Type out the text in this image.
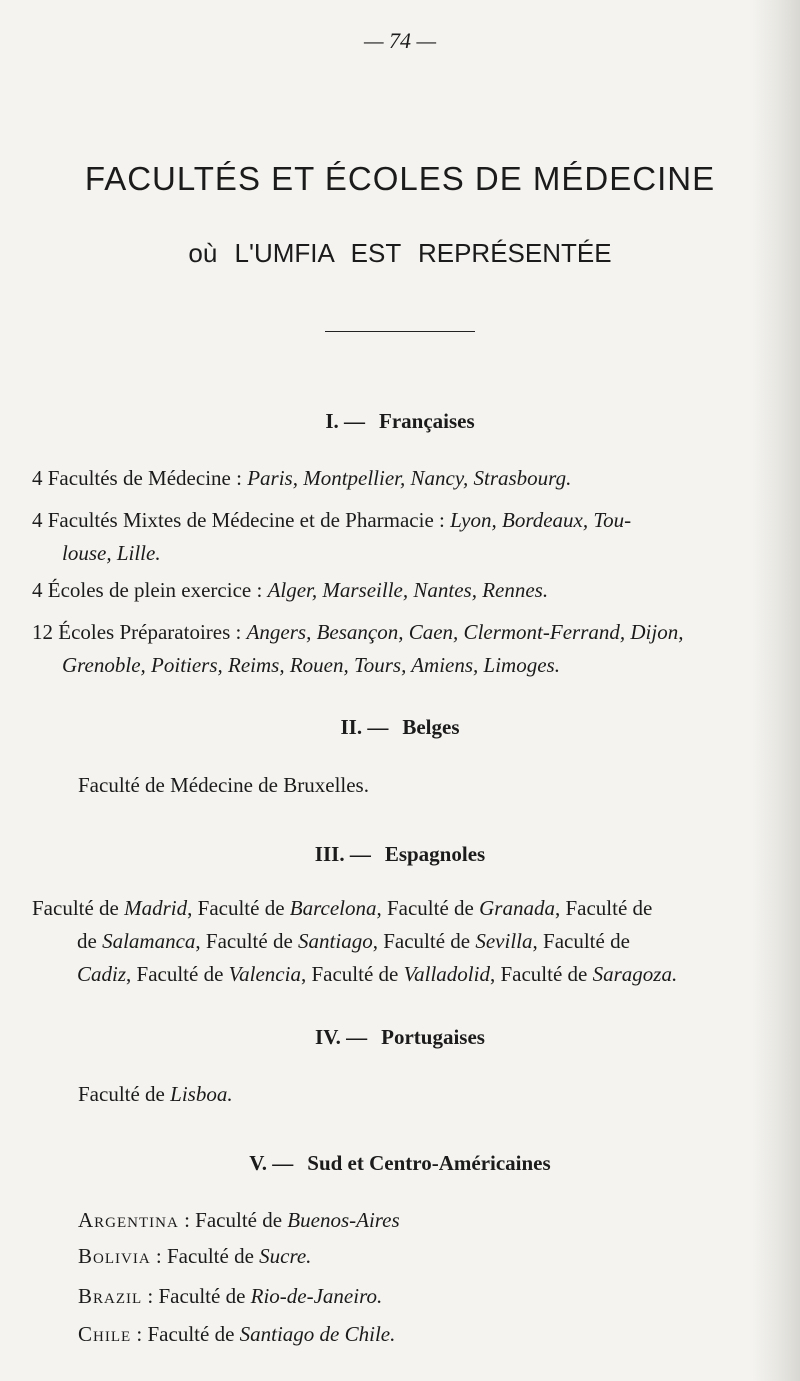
— 74 —
FACULTÉS ET ÉCOLES DE MÉDECINE
où L'UMFIA EST REPRÉSENTÉE
I. — Françaises
4 Facultés de Médecine : Paris, Montpellier, Nancy, Strasbourg.
4 Facultés Mixtes de Médecine et de Pharmacie : Lyon, Bordeaux, Tou-
louse, Lille.
4 Écoles de plein exercice : Alger, Marseille, Nantes, Rennes.
12 Écoles Préparatoires : Angers, Besançon, Caen, Clermont-Ferrand, Dijon,
Grenoble, Poitiers, Reims, Rouen, Tours, Amiens, Limoges.
II. — Belges
Faculté de Médecine de Bruxelles.
III. — Espagnoles
Faculté de Madrid, Faculté de Barcelona, Faculté de Granada, Faculté de
de Salamanca, Faculté de Santiago, Faculté de Sevilla, Faculté de
Cadiz, Faculté de Valencia, Faculté de Valladolid, Faculté de Saragoza.
IV. — Portugaises
Faculté de Lisboa.
V. — Sud et Centro-Américaines
Argentina : Faculté de Buenos-Aires
Bolivia : Faculté de Sucre.
Brazil : Faculté de Rio-de-Janeiro.
Chile : Faculté de Santiago de Chile.
